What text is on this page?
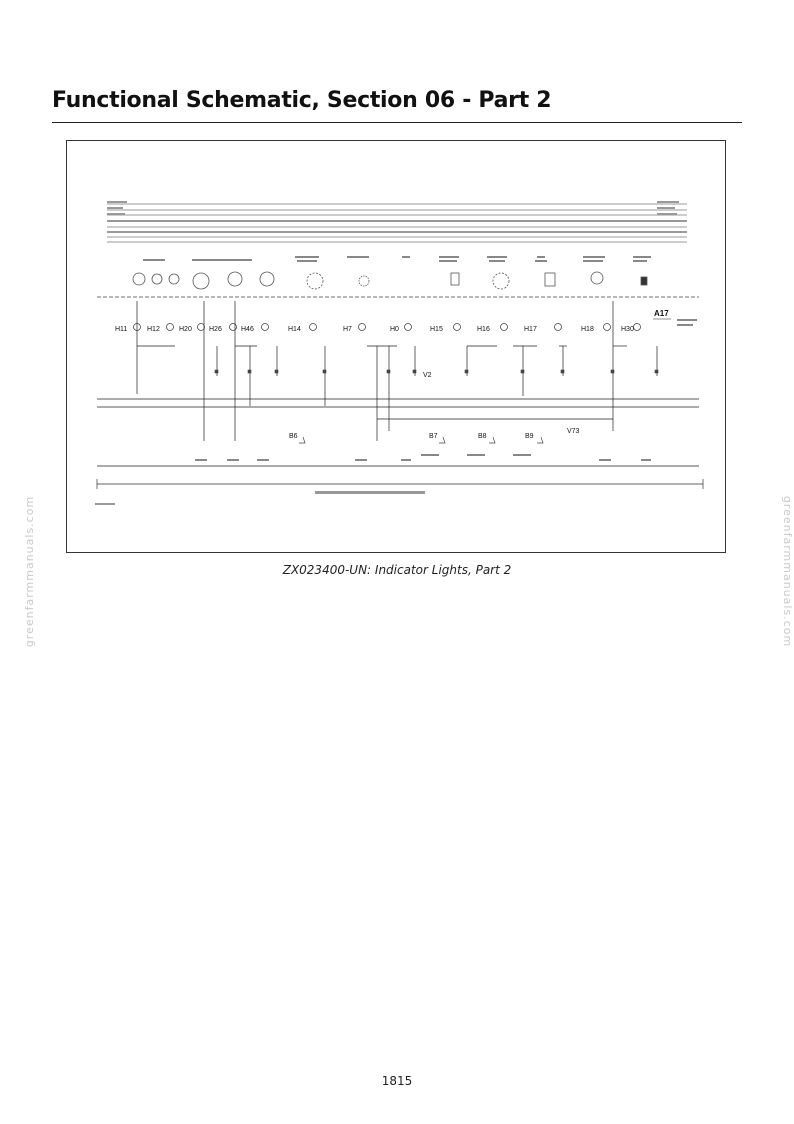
Functional Schematic, Section 06 - Part 2
H11	H12	H20 H26	H46	H14	H7	H0	H15	H16	H17	H18	H30
A17
V2
B6	B7	B8	B9
V73
ZX023400-UN: Indicator Lights, Part 2
greenfarmmanuals.com	greenfarmmanuals.com
1815
